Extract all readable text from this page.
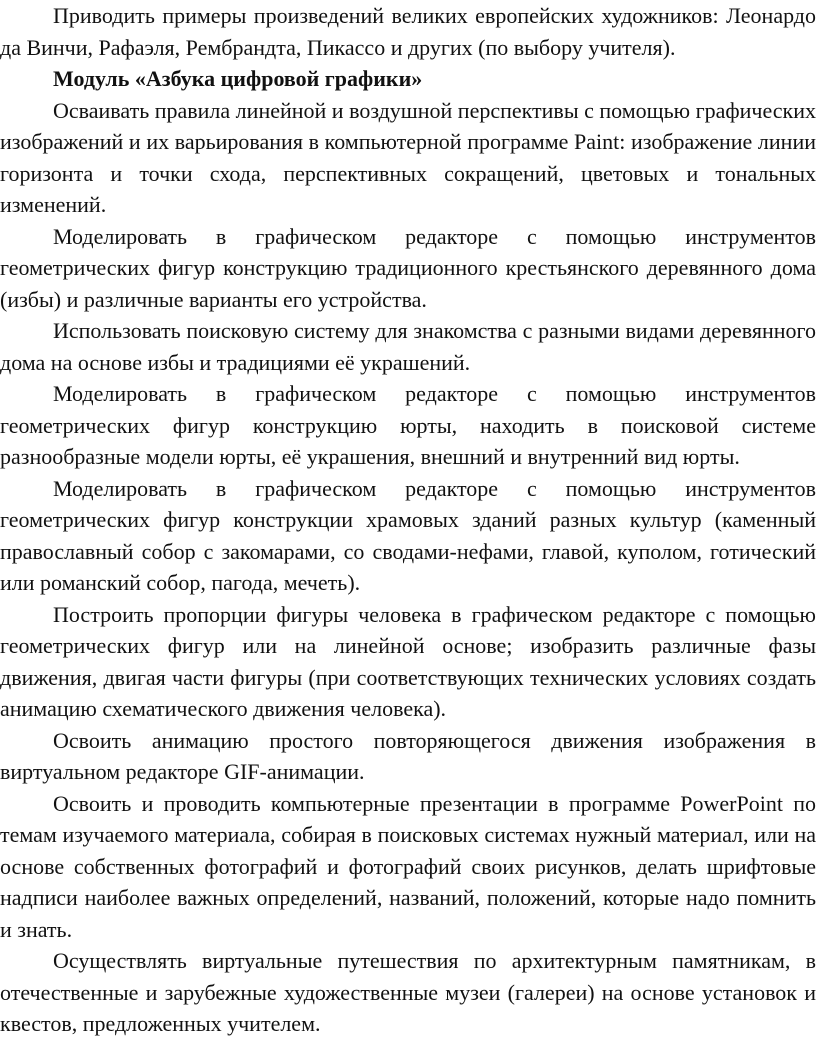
Приводить примеры произведений великих европейских художников: Леонардо да Винчи, Рафаэля, Рембрандта, Пикассо и других (по выбору учителя).

Модуль «Азбука цифровой графики»

Осваивать правила линейной и воздушной перспективы с помощью графических изображений и их варьирования в компьютерной программе Paint: изображение линии горизонта и точки схода, перспективных сокращений, цветовых и тональных изменений.

Моделировать в графическом редакторе с помощью инструментов геометрических фигур конструкцию традиционного крестьянского деревянного дома (избы) и различные варианты его устройства.

Использовать поисковую систему для знакомства с разными видами деревянного дома на основе избы и традициями её украшений.

Моделировать в графическом редакторе с помощью инструментов геометрических фигур конструкцию юрты, находить в поисковой системе разнообразные модели юрты, её украшения, внешний и внутренний вид юрты.

Моделировать в графическом редакторе с помощью инструментов геометрических фигур конструкции храмовых зданий разных культур (каменный православный собор с закомарами, со сводами-нефами, главой, куполом, готический или романский собор, пагода, мечеть).

Построить пропорции фигуры человека в графическом редакторе с помощью геометрических фигур или на линейной основе; изобразить различные фазы движения, двигая части фигуры (при соответствующих технических условиях создать анимацию схематического движения человека).

Освоить анимацию простого повторяющегося движения изображения в виртуальном редакторе GIF-анимации.

Освоить и проводить компьютерные презентации в программе PowerPoint по темам изучаемого материала, собирая в поисковых системах нужный материал, или на основе собственных фотографий и фотографий своих рисунков, делать шрифтовые надписи наиболее важных определений, названий, положений, которые надо помнить и знать.

Осуществлять виртуальные путешествия по архитектурным памятникам, в отечественные и зарубежные художественные музеи (галереи) на основе установок и квестов, предложенных учителем.
